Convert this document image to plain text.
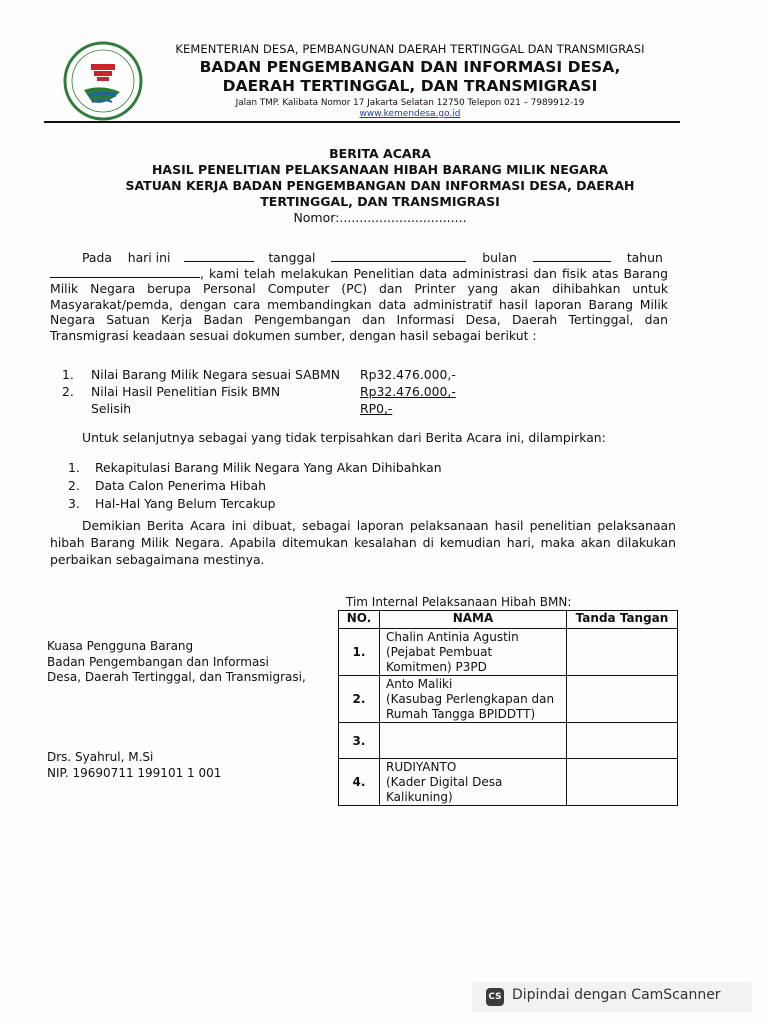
KEMENTERIAN DESA, PEMBANGUNAN DAERAH TERTINGGAL DAN TRANSMIGRASI
BADAN PENGEMBANGAN DAN INFORMASI DESA,
DAERAH TERTINGGAL, DAN TRANSMIGRASI
Jalan TMP. Kalibata Nomor 17 Jakarta Selatan 12750 Telepon 021 – 7989912-19
www.kemendesa.go.id
BERITA ACARA
HASIL PENELITIAN PELAKSANAAN HIBAH BARANG MILIK NEGARA
SATUAN KERJA BADAN PENGEMBANGAN DAN INFORMASI DESA, DAERAH
TERTINGGAL, DAN TRANSMIGRASI
Nomor:................................
Pada hari ini	tanggal	bulan	tahun
, kami telah melakukan Penelitian data administrasi dan fisik atas Barang Milik Negara berupa Personal Computer (PC) dan Printer yang akan dihibahkan untuk Masyarakat/pemda, dengan cara membandingkan data administratif hasil laporan Barang Milik Negara Satuan Kerja Badan Pengembangan dan Informasi Desa, Daerah Tertinggal, dan Transmigrasi keadaan sesuai dokumen sumber, dengan hasil sebagai berikut :
1. Nilai Barang Milik Negara sesuai SABMN Rp32.476.000,-
2. Nilai Hasil Penelitian Fisik BMN	Rp32.476.000,-
Selisih	RP0,-
Untuk selanjutnya sebagai yang tidak terpisahkan dari Berita Acara ini, dilampirkan:
1. Rekapitulasi Barang Milik Negara Yang Akan Dihibahkan
2. Data Calon Penerima Hibah
3. Hal-Hal Yang Belum Tercakup
Demikian Berita Acara ini dibuat, sebagai laporan pelaksanaan hasil penelitian pelaksanaan hibah Barang Milik Negara. Apabila ditemukan kesalahan di kemudian hari, maka akan dilakukan perbaikan sebagaimana mestinya.
Kuasa Pengguna Barang
Badan Pengembangan dan Informasi
Desa, Daerah Tertinggal, dan Transmigrasi,
Drs. Syahrul, M.Si
NIP. 19690711 199101 1 001
Tim Internal Pelaksanaan Hibah BMN:
NO.	NAMA	Tanda Tangan
1.	Chalin Antinia Agustin
(Pejabat Pembuat
Komitmen) P3PD	

2.	Anto Maliki
(Kasubag Perlengkapan dan
Rumah Tangga BPIDDTT)	

3.		
4.	RUDIYANTO
(Kader Digital Desa
Kalikuning)	

CS Dipindai dengan CamScanner
